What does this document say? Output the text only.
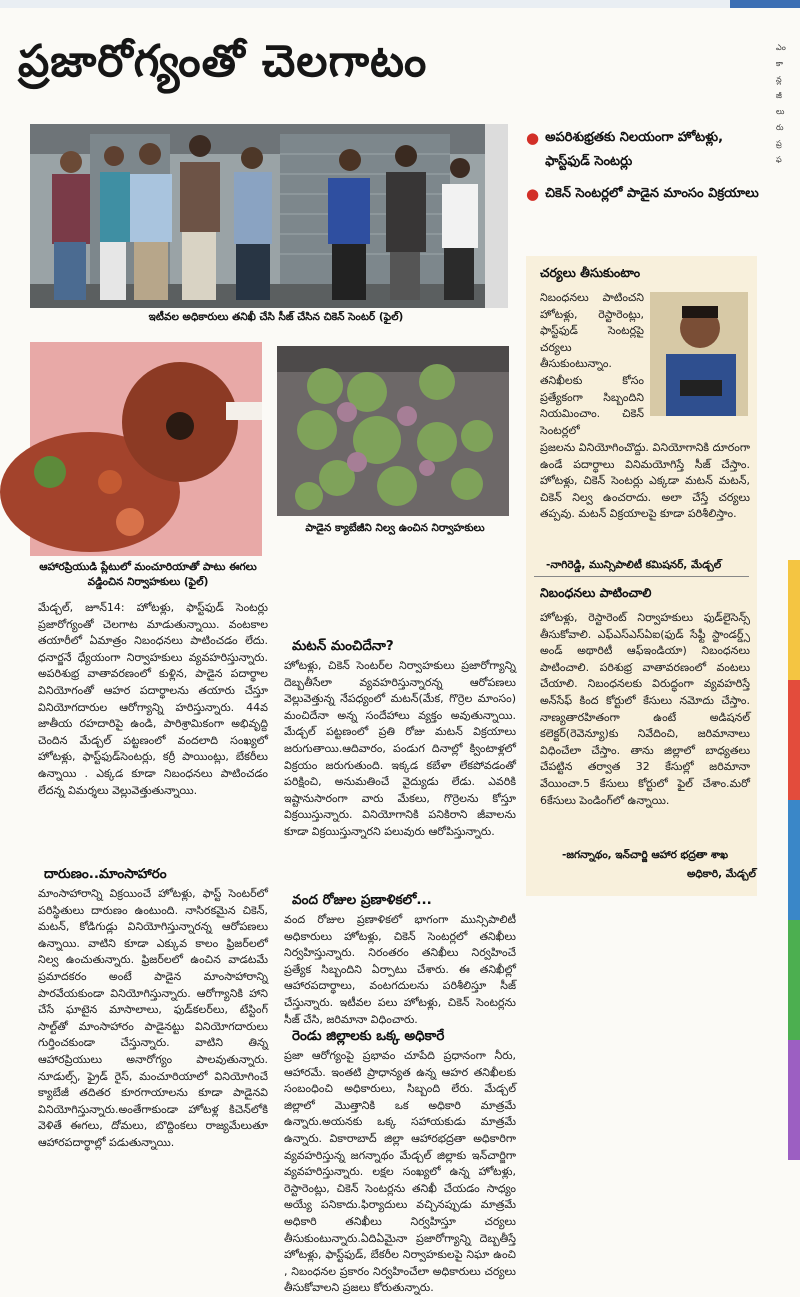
ప్రజారోగ్యంతో చెలగాటం
ఇటీవల అధికారులు తనిఖీ చేసి సీజ్ చేసిన చికెన్ సెంటర్ (ఫైల్)
ఆహారప్రియుడి ప్లేటులో మంచూరియాతో పాటు ఈగలు వడ్డించిన నిర్వాహకులు (ఫైల్)
పాడైన క్యాబేజీని నిల్వ ఉంచిన నిర్వాహకులు
● అపరిశుభ్రతకు నిలయంగా హోటళ్లు, ఫాస్ట్‌ఫుడ్ సెంటర్లు
● చికెన్ సెంటర్లలో పాడైన మాంసం విక్రయాలు
చర్యలు తీసుకుంటాం
నిబంధనలు పాటించని హోటళ్లు, రెస్టారెంట్లు, ఫాస్ట్‌ఫుడ్ సెంటర్లపై చర్యలు తీసుకుంటున్నాం. తనిఖీలకు కోసం ప్రత్యేకంగా సిబ్బందిని నియమించాం. చికెన్ సెంటర్లలో
ప్రజలను వినియోగించొద్దు. వినియోగానికి దూరంగా ఉండే పదార్థాలు వినిమయోగిస్తే సీజ్ చేస్తాం. హోటళ్లు, చికెన్ సెంటర్లు ఎక్కడా మటన్ మటన్, చికెన్ నిల్వ ఉంచరాదు. అలా చేస్తే చర్యలు తప్పవు. మటన్ విక్రయాలపై కూడా పరిశీలిస్తాం.
-నాగిరెడ్డి, మున్సిపాలిటీ కమిషనర్, మేడ్చల్
నిబంధనలు పాటించాలి
హోటళ్లు, రెస్టారెంట్ నిర్వాహకులు ఫుడ్‌లైసెన్స్ తీసుకోవాలి. ఎఫ్‌ఎస్‌ఎస్‌ఏఐ(ఫుడ్ సేఫ్టీ స్టాండర్డ్స్ అండ్ అథారిటీ ఆఫ్‌ఇండియా) నిబంధనలు పాటించాలి. పరిశుభ్ర వాతావరణంలో వంటలు చేయాలి. నిబంధనలకు విరుద్ధంగా వ్యవహరిస్తే అన్‌సేఫ్ కింద కోర్టులో కేసులు నమోదు చేస్తాం. నాణ్యతారహితంగా ఉంటే అడిషనల్ కలెక్టర్(రెవెన్యూ)కు నివేదించి, జరిమానాలు విధించేలా చేస్తాం. తాను జిల్లాలో బాధ్యతలు చేపట్టిన తర్వాత 32 కేసుల్లో జరిమానా వేయించా.5 కేసులు కోర్టులో ఫైల్ చేశాం.మరో 6కేసులు పెండింగ్‌లో ఉన్నాయి.
-జగన్నాథం, ఇన్‌చార్జి ఆహార భద్రతా శాఖ
అధికారి, మేడ్చల్
మేడ్చల్, జూన్14: హోటళ్లు, ఫాస్ట్‌ఫుడ్ సెంటర్లు ప్రజారోగ్యంతో చెలగాట మాడుతున్నాయి. వంటకాల తయారీలో ఏమాత్రం నిబంధనలు పాటించడం లేదు. ధనార్జనే ధ్యేయంగా నిర్వాహకులు వ్యవహరిస్తున్నారు. అపరిశుభ్ర వాతావరణంలో కుళ్లిన, పాడైన పదార్థాల వినియోగంతో ఆహర పదార్థాలను తయారు చేస్తూ వినియోగదారుల ఆరోగ్యాన్ని హరిస్తున్నారు. 44వ జాతీయ రహదారిపై ఉండి, పారిశ్రామికంగా అభివృద్ది చెందిన మేడ్చల్ పట్టణంలో వందలాది సంఖ్యలో హోటళ్లు, ఫాస్ట్‌ఫుడ్‌సెంటర్లు, కర్రీ పాయింట్లు, బేకరీలు ఉన్నాయి . ఎక్కడ కూడా నిబంధనలు పాటించడం లేదన్న విమర్శలు వెల్లువెత్తుతున్నాయి.
దారుణం..మాంసాహారం
మాంసాహారాన్ని విక్రయించే హోటళ్లు, ఫాస్ట్ సెంటర్‌లో పరిస్థితులు దారుణం ఉంటుంది. నాసిరకమైన చికెన్, మటన్, కోడిగుడ్లు వినియోగిస్తున్నారన్న ఆరోపణలు ఉన్నాయి. వాటిని కూడా ఎక్కువ కాలం ఫ్రిజర్‌లలో నిల్వ ఉంచుతున్నారు. ఫ్రిజర్‌లలో ఉంచిన వాడటమే ప్రమాదకరం అంటే పాడైన మాంసాహారాన్ని పారవేయకుండా వినియోగిస్తున్నారు. ఆరోగ్యానికి హాని చేసే ఘాటైన మాసాలాలు, ఫుడ్‌కలర్‌లు, టేస్టింగ్ సాల్ట్‌తో మాంసాహారం పాడైనట్టు వినియోగదారులు గుర్తించకుండా చేస్తున్నారు. వాటిని తిన్న ఆహారప్రియులు అనారోగ్యం పాలవుతున్నారు. నూడుల్స్, ఫ్రైడ్ రైస్, మంచూరియాలో వినియోగించే క్యాబేజీ తదితర కూరగాయాలను కూడా పాడైనవి వినియోగిస్తున్నారు.అంతేగాకుండా హోటళ్ల కిచెన్‌లోకి వెళితే ఈగలు, దోమలు, బొద్దింకలు రాజ్యమేలుతూ ఆహారపదార్థాల్లో పడుతున్నాయి.
మటన్ మంచిదేనా?
హోటళ్లు, చికెన్ సెంటర్‌ల నిర్వాహకులు ప్రజారోగ్యాన్ని దెబ్బతీసేలా వ్యవహరిస్తున్నారన్న ఆరోపణలు వెల్లువెత్తున్న నేపధ్యంలో మటన్(మేక, గొర్రెల మాంసం) మంచిదేనా అన్న సందేహాలు వ్యక్తం అవుతున్నాయి. మేడ్చల్ పట్టణంలో ప్రతి రోజు మటన్ విక్రయాలు జరుగుతాయి.ఆదివారం, పండుగ దినాల్లో క్వింటాళ్లలో విక్రయం జరుగుతుంది. ఇక్కడ కబేళా లేకపోవడంతో పరిక్షించి, అనుమతించే వైద్యుడు లేడు. ఎవరికి ఇష్టానుసారంగా వారు మేకలు, గొర్రెలను కోస్తూ విక్రయిస్తున్నారు. వినియోగానికి పనికిరాని జీవాలను కూడా విక్రయిస్తున్నారని పలువురు ఆరోపిస్తున్నారు.
వంద రోజుల ప్రణాళికలో...
వంద రోజుల ప్రణాళికలో భాగంగా మున్సిపాలిటీ అధికారులు హోటళ్లు, చికెన్ సెంటర్లలో తనిఖీలు నిర్వహిస్తున్నారు. నిరంతరం తనిఖీలు నిర్వహించే ప్రత్యేక సిబ్బందిని ఏర్పాటు చేశారు. ఈ తనిఖీల్లో ఆహారపదార్థాలు, వంటగదులను పరిశీలిస్తూ సీజ్ చేస్తున్నారు. ఇటీవల పలు హోటళ్లు, చికెన్ సెంటర్లను సీజ్ చేసి, జరిమానా విధించారు.
రెండు జిల్లాలకు ఒక్క అధికారే
ప్రజా ఆరోగ్యంపై ప్రభావం చూపేది ప్రధానంగా నీరు, ఆహారమే. ఇంతటి ప్రాధాన్యత ఉన్న ఆహర తనిఖీలకు సంబంధించి అధికారులు, సిబ్బంది లేరు. మేడ్చల్ జిల్లాలో మొత్తానికి ఒక అధికారి మాత్రమే ఉన్నారు.అయనకు ఒక్క సహాయకుడు మాత్రమే ఉన్నారు. వికారాబాద్ జిల్లా ఆహారభద్రతా అధికారిగా వ్యవహరిస్తున్న జగన్నాథం మేడ్చల్ జిల్లాకు ఇన్‌చార్జిగా వ్యవహరిస్తున్నారు. లక్షల సంఖ్యలో ఉన్న హోటళ్లు, రెస్టారెంట్లు, చికెన్ సెంటర్లను తనిఖీ చేయడం సాధ్యం అయ్యే పనికాదు.ఫిర్యాదులు వచ్చినప్పుడు మాత్రమే అధికారి తనిఖీలు నిర్వహిస్తూ చర్యలు తీసుకుంటున్నారు.ఏదిఏమైనా ప్రజారోగ్యాన్ని దెబ్బతీస్తే హోటళ్లు, ఫాస్ట్‌ఫుడ్, బేకరీల నిర్వాహకులపై నిఘా ఉంచి , నిబంధనల ప్రకారం నిర్వహించేలా అధికారులు చర్యలు తీసుకోవాలని ప్రజలు కోరుతున్నారు.
ఎం
కా
న్ల
జీ
లు
రు
ప్ర
ఫ
